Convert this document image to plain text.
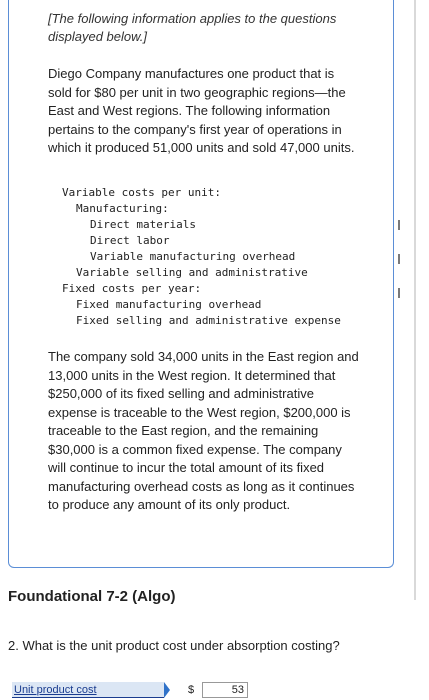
[The following information applies to the questions displayed below.]
Diego Company manufactures one product that is sold for $80 per unit in two geographic regions—the East and West regions. The following information pertains to the company's first year of operations in which it produced 51,000 units and sold 47,000 units.
Variable costs per unit:
Manufacturing:
Direct materials
Direct labor
Variable manufacturing overhead
Variable selling and administrative
Fixed costs per year:
Fixed manufacturing overhead
Fixed selling and administrative expense
The company sold 34,000 units in the East region and 13,000 units in the West region. It determined that $250,000 of its fixed selling and administrative expense is traceable to the West region, $200,000 is traceable to the East region, and the remaining $30,000 is a common fixed expense. The company will continue to incur the total amount of its fixed manufacturing overhead costs as long as it continues to produce any amount of its only product.
Foundational 7-2 (Algo)
2. What is the unit product cost under absorption costing?
Unit product cost	$	53
